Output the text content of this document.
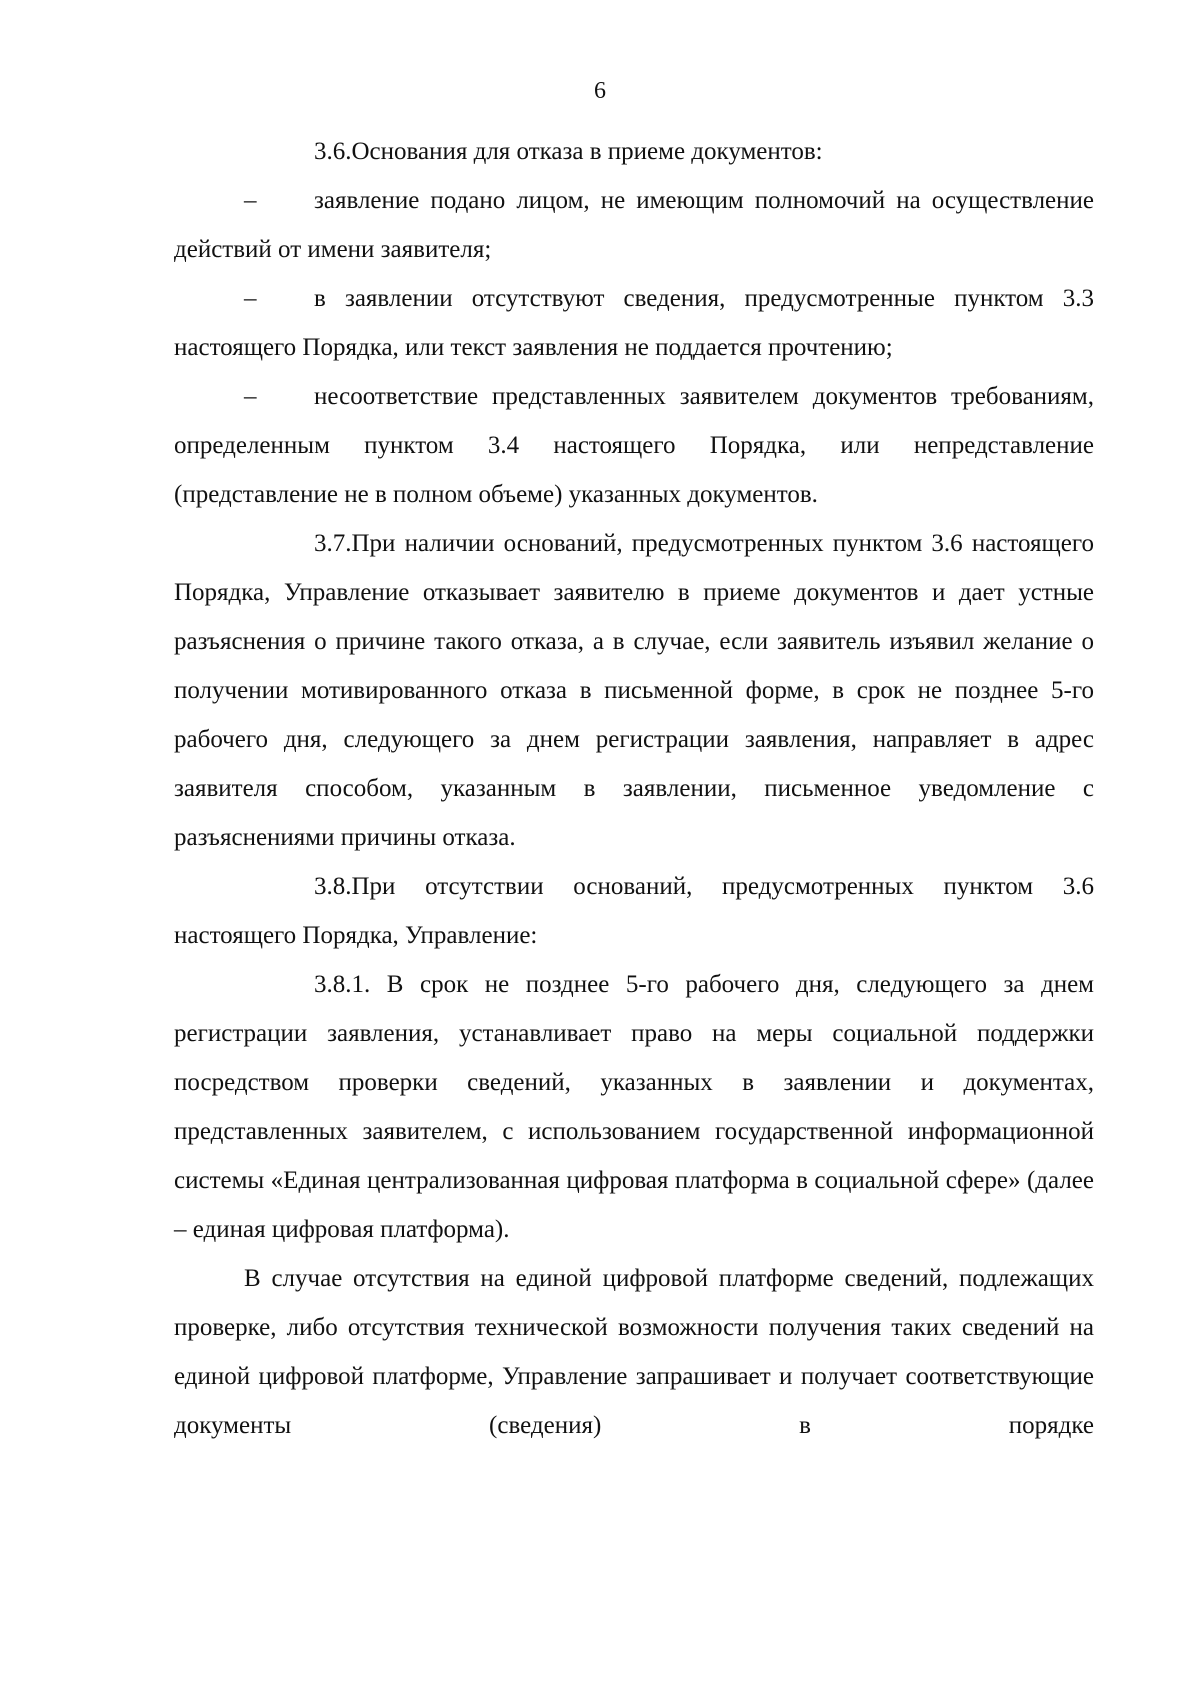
6

3.6.Основания для отказа в приеме документов:

– заявление подано лицом, не имеющим полномочий на осуществление действий от имени заявителя;

– в заявлении отсутствуют сведения, предусмотренные пунктом 3.3 настоящего Порядка, или текст заявления не поддается прочтению;

– несоответствие представленных заявителем документов требованиям, определенным пунктом 3.4 настоящего Порядка, или непредставление (представление не в полном объеме) указанных документов.

3.7.При наличии оснований, предусмотренных пунктом 3.6 настоящего Порядка, Управление отказывает заявителю в приеме документов и дает устные разъяснения о причине такого отказа, а в случае, если заявитель изъявил желание о получении мотивированного отказа в письменной форме, в срок не позднее 5-го рабочего дня, следующего за днем регистрации заявления, направляет в адрес заявителя способом, указанным в заявлении, письменное уведомление с разъяснениями причины отказа.

3.8.При отсутствии оснований, предусмотренных пунктом 3.6 настоящего Порядка, Управление:

3.8.1. В срок не позднее 5-го рабочего дня, следующего за днем регистрации заявления, устанавливает право на меры социальной поддержки посредством проверки сведений, указанных в заявлении и документах, представленных заявителем, с использованием государственной информационной системы «Единая централизованная цифровая платформа в социальной сфере» (далее – единая цифровая платформа).

В случае отсутствия на единой цифровой платформе сведений, подлежащих проверке, либо отсутствия технической возможности получения таких сведений на единой цифровой платформе, Управление запрашивает и получает соответствующие документы (сведения) в порядке
